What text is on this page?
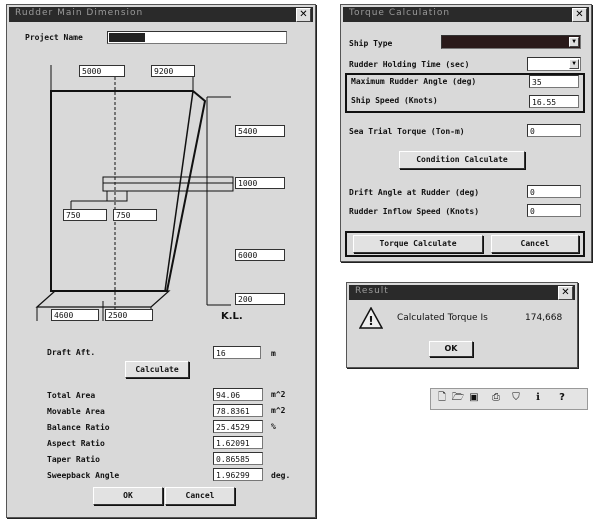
Rudder Main Dimension	✕
Project Name
5000	9200
5400
1000
750	750
6000
200
4600	2500	K.L.
Draft Aft.	16	m
Calculate
Total Area	94.06	m^2
Movable Area	78.8361	m^2
Balance Ratio	25.4529	%
Aspect Ratio	1.62091
Taper Ratio	0.86585
Sweepback Angle	1.96299	deg.
OK	Cancel
Torque Calculation	✕
Ship Type	▼
Rudder Holding Time (sec)	▼
Maximum Rudder Angle (deg)	35
Ship Speed (Knots)	16.55
Sea Trial Torque (Ton-m)	0
Condition Calculate
Drift Angle at Rudder (deg)	0
Rudder Inflow Speed (Knots)	0
Torque Calculate	Cancel
Result	✕
!	Calculated Torque Is	174,668
OK
🗋 🗁 ▣	⎙	⛉	ℹ	?
